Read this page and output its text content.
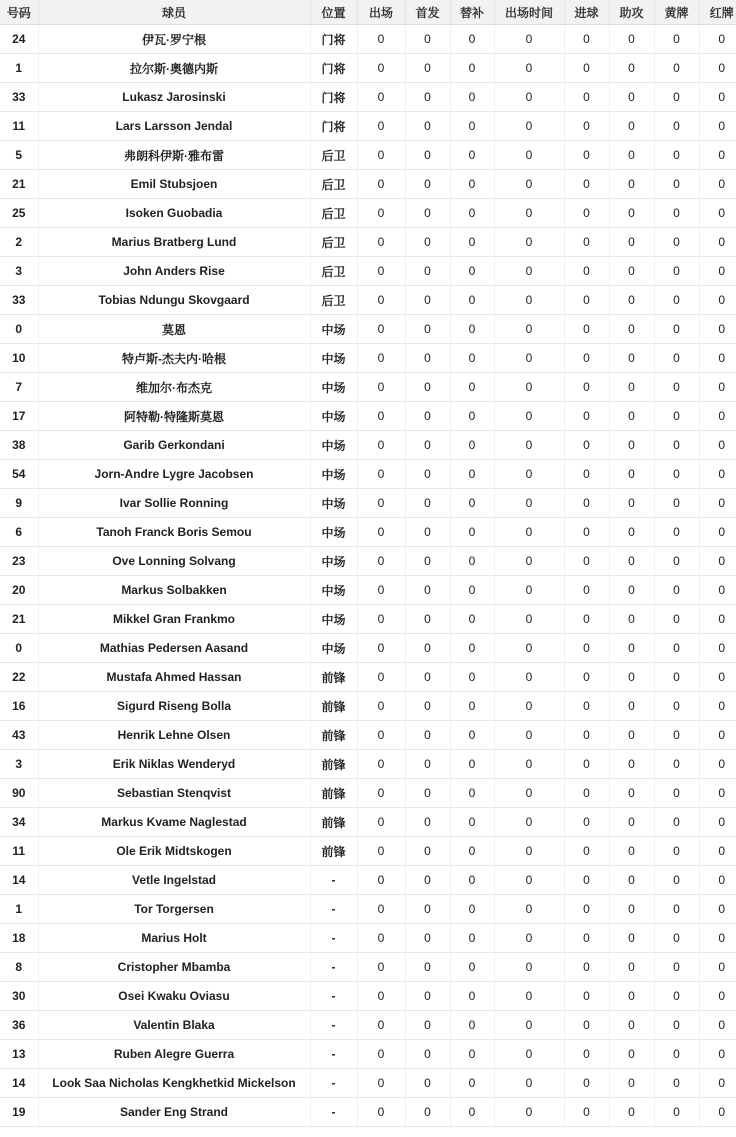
号码	球员	位置	出场	首发	替补	出场时间	进球	助攻	黄牌	红牌
24	伊瓦·罗宁根	门将	0	0	0	0	0	0	0	0
1	拉尔斯·奥德内斯	门将	0	0	0	0	0	0	0	0
33	Lukasz Jarosinski	门将	0	0	0	0	0	0	0	0
11	Lars Larsson Jendal	门将	0	0	0	0	0	0	0	0
5	弗朗科伊斯·雅布雷	后卫	0	0	0	0	0	0	0	0
21	Emil Stubsjoen	后卫	0	0	0	0	0	0	0	0
25	Isoken Guobadia	后卫	0	0	0	0	0	0	0	0
2	Marius Bratberg Lund	后卫	0	0	0	0	0	0	0	0
3	John Anders Rise	后卫	0	0	0	0	0	0	0	0
33	Tobias Ndungu Skovgaard	后卫	0	0	0	0	0	0	0	0
0	莫恩	中场	0	0	0	0	0	0	0	0
10	特卢斯-杰夫内·哈根	中场	0	0	0	0	0	0	0	0
7	维加尔·布杰克	中场	0	0	0	0	0	0	0	0
17	阿特勒·特隆斯莫恩	中场	0	0	0	0	0	0	0	0
38	Garib Gerkondani	中场	0	0	0	0	0	0	0	0
54	Jorn-Andre Lygre Jacobsen	中场	0	0	0	0	0	0	0	0
9	Ivar Sollie Ronning	中场	0	0	0	0	0	0	0	0
6	Tanoh Franck Boris Semou	中场	0	0	0	0	0	0	0	0
23	Ove Lonning Solvang	中场	0	0	0	0	0	0	0	0
20	Markus Solbakken	中场	0	0	0	0	0	0	0	0
21	Mikkel Gran Frankmo	中场	0	0	0	0	0	0	0	0
0	Mathias Pedersen Aasand	中场	0	0	0	0	0	0	0	0
22	Mustafa Ahmed Hassan	前锋	0	0	0	0	0	0	0	0
16	Sigurd Riseng Bolla	前锋	0	0	0	0	0	0	0	0
43	Henrik Lehne Olsen	前锋	0	0	0	0	0	0	0	0
3	Erik Niklas Wenderyd	前锋	0	0	0	0	0	0	0	0
90	Sebastian Stenqvist	前锋	0	0	0	0	0	0	0	0
34	Markus Kvame Naglestad	前锋	0	0	0	0	0	0	0	0
11	Ole Erik Midtskogen	前锋	0	0	0	0	0	0	0	0
14	Vetle Ingelstad	-	0	0	0	0	0	0	0	0
1	Tor Torgersen	-	0	0	0	0	0	0	0	0
18	Marius Holt	-	0	0	0	0	0	0	0	0
8	Cristopher Mbamba	-	0	0	0	0	0	0	0	0
30	Osei Kwaku Oviasu	-	0	0	0	0	0	0	0	0
36	Valentin Blaka	-	0	0	0	0	0	0	0	0
13	Ruben Alegre Guerra	-	0	0	0	0	0	0	0	0
14	Look Saa Nicholas Kengkhetkid Mickelson	-	0	0	0	0	0	0	0	0
19	Sander Eng Strand	-	0	0	0	0	0	0	0	0
